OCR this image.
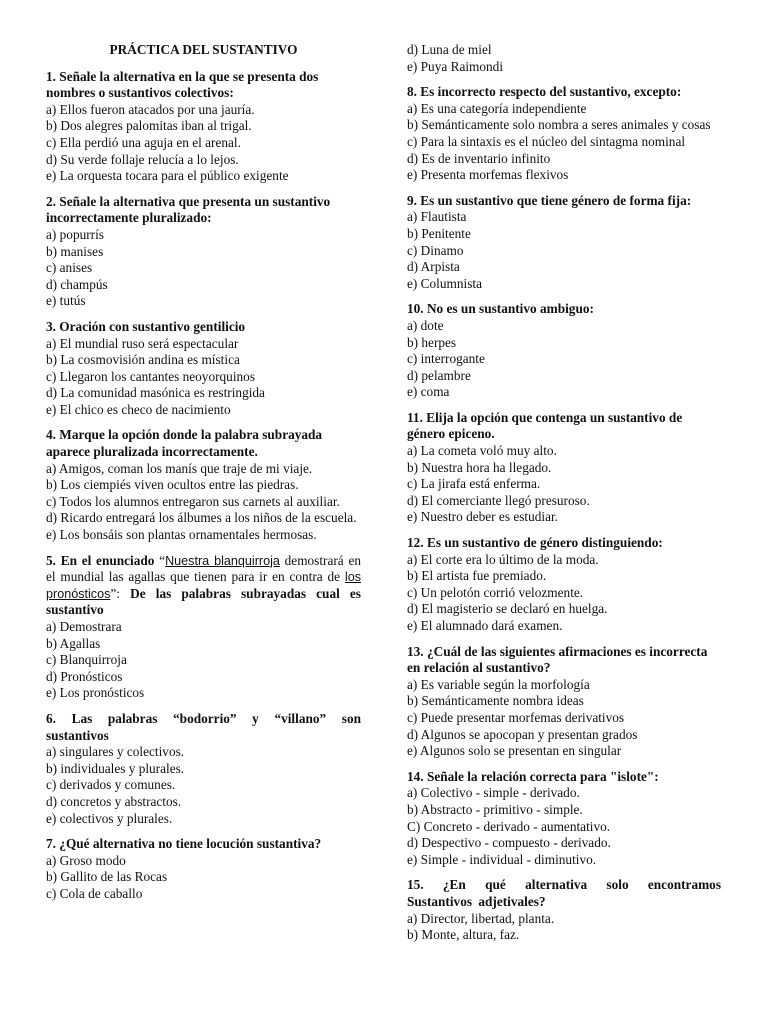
PRÁCTICA DEL SUSTANTIVO
1. Señale la alternativa en la que se presenta dos nombres o sustantivos colectivos:
a) Ellos fueron atacados por una jauría.
b) Dos alegres palomitas iban al trigal.
c) Ella perdió una aguja en el arenal.
d) Su verde follaje relucía a lo lejos.
e) La orquesta tocara para el público exigente
2. Señale la alternativa que presenta un sustantivo incorrectamente pluralizado:
a) popurrís
b) manises
c) anises
d) champús
e) tutús
3. Oración con sustantivo gentilicio
a) El mundial ruso será espectacular
b) La cosmovisión andina es mística
c) Llegaron los cantantes neoyorquinos
d) La comunidad masónica es restringida
e) El chico es checo de nacimiento
4. Marque la opción donde la palabra subrayada aparece pluralizada incorrectamente.
a) Amigos, coman los manís que traje de mi viaje.
b) Los ciempiés viven ocultos entre las piedras.
c) Todos los alumnos entregaron sus carnets al auxiliar.
d) Ricardo entregará los álbumes a los niños de la escuela.
e) Los bonsáis son plantas ornamentales hermosas.
5. En el enunciado “Nuestra blanquirroja demostrará en el mundial las agallas que tienen para ir en contra de los pronósticos”: De las palabras subrayadas cual es sustantivo
a) Demostrara
b) Agallas
c) Blanquirroja
d) Pronósticos
e) Los pronósticos
6. Las palabras “bodorrio” y “villano” son sustantivos
a) singulares y colectivos.
b) individuales y plurales.
c) derivados y comunes.
d) concretos y abstractos.
e) colectivos y plurales.
7. ¿Qué alternativa no tiene locución sustantiva?
a) Groso modo
b) Gallito de las Rocas
c) Cola de caballo
d) Luna de miel
e) Puya Raimondi
8. Es incorrecto respecto del sustantivo, excepto:
a) Es una categoría independiente
b) Semánticamente solo nombra a seres animales y cosas
c) Para la sintaxis es el núcleo del sintagma nominal
d) Es de inventario infinito
e) Presenta morfemas flexivos
9. Es un sustantivo que tiene género de forma fija:
a) Flautista
b) Penitente
c) Dinamo
d) Arpista
e) Columnista
10. No es un sustantivo ambiguo:
a) dote
b) herpes
c) interrogante
d) pelambre
e) coma
11. Elija la opción que contenga un sustantivo de género epiceno.
a) La cometa voló muy alto.
b) Nuestra hora ha llegado.
c) La jirafa está enferma.
d) El comerciante llegó presuroso.
e) Nuestro deber es estudiar.
12. Es un sustantivo de género distinguiendo:
a) El corte era lo último de la moda.
b) El artista fue premiado.
c) Un pelotón corrió velozmente.
d) El magisterio se declaró en huelga.
e) El alumnado dará examen.
13. ¿Cuál de las siguientes afirmaciones es incorrecta en relación al sustantivo?
a) Es variable según la morfología
b) Semánticamente nombra ideas
c) Puede presentar morfemas derivativos
d) Algunos se apocopan y presentan grados
e) Algunos solo se presentan en singular
14. Señale la relación correcta para "islote":
a) Colectivo - simple - derivado.
b) Abstracto - primitivo - simple.
C) Concreto - derivado - aumentativo.
d) Despectivo - compuesto - derivado.
e) Simple - individual - diminutivo.
15. ¿En qué alternativa solo encontramos Sustantivos adjetivales?
a) Director, libertad, planta.
b) Monte, altura, faz.
